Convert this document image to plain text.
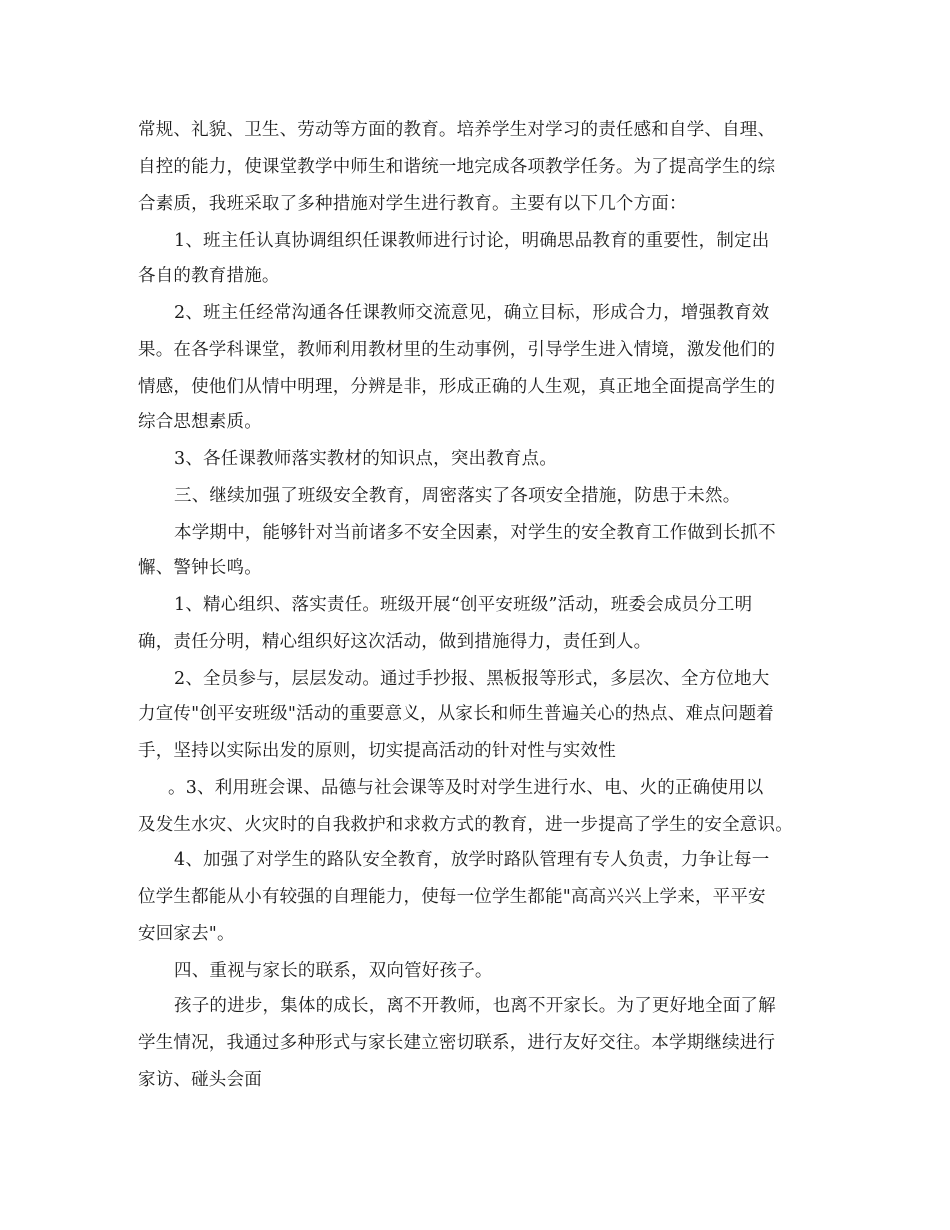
常规、礼貌、卫生、劳动等方面的教育。培养学生对学习的责任感和自学、自理、
自控的能力，使课堂教学中师生和谐统一地完成各项教学任务。为了提高学生的综
合素质，我班采取了多种措施对学生进行教育。主要有以下几个方面：
1、班主任认真协调组织任课教师进行讨论，明确思品教育的重要性，制定出
各自的教育措施。
2、班主任经常沟通各任课教师交流意见，确立目标，形成合力，增强教育效
果。在各学科课堂，教师利用教材里的生动事例，引导学生进入情境，激发他们的
情感，使他们从情中明理，分辨是非，形成正确的人生观，真正地全面提高学生的
综合思想素质。
3、各任课教师落实教材的知识点，突出教育点。
三、继续加强了班级安全教育，周密落实了各项安全措施，防患于未然。
本学期中，能够针对当前诸多不安全因素，对学生的安全教育工作做到长抓不
懈、警钟长鸣。
1、精心组织、落实责任。班级开展“创平安班级”活动，班委会成员分工明
确，责任分明，精心组织好这次活动，做到措施得力，责任到人。
2、全员参与，层层发动。通过手抄报、黑板报等形式，多层次、全方位地大
力宣传"创平安班级"活动的重要意义，从家长和师生普遍关心的热点、难点问题着
手，坚持以实际出发的原则，切实提高活动的针对性与实效性
。3、利用班会课、品德与社会课等及时对学生进行水、电、火的正确使用以
及发生水灾、火灾时的自我救护和求救方式的教育，进一步提高了学生的安全意识。
4、加强了对学生的路队安全教育，放学时路队管理有专人负责，力争让每一
位学生都能从小有较强的自理能力，使每一位学生都能"高高兴兴上学来，平平安
安回家去"。
四、重视与家长的联系，双向管好孩子。
孩子的进步，集体的成长，离不开教师，也离不开家长。为了更好地全面了解
学生情况，我通过多种形式与家长建立密切联系，进行友好交往。本学期继续进行
家访、碰头会面
